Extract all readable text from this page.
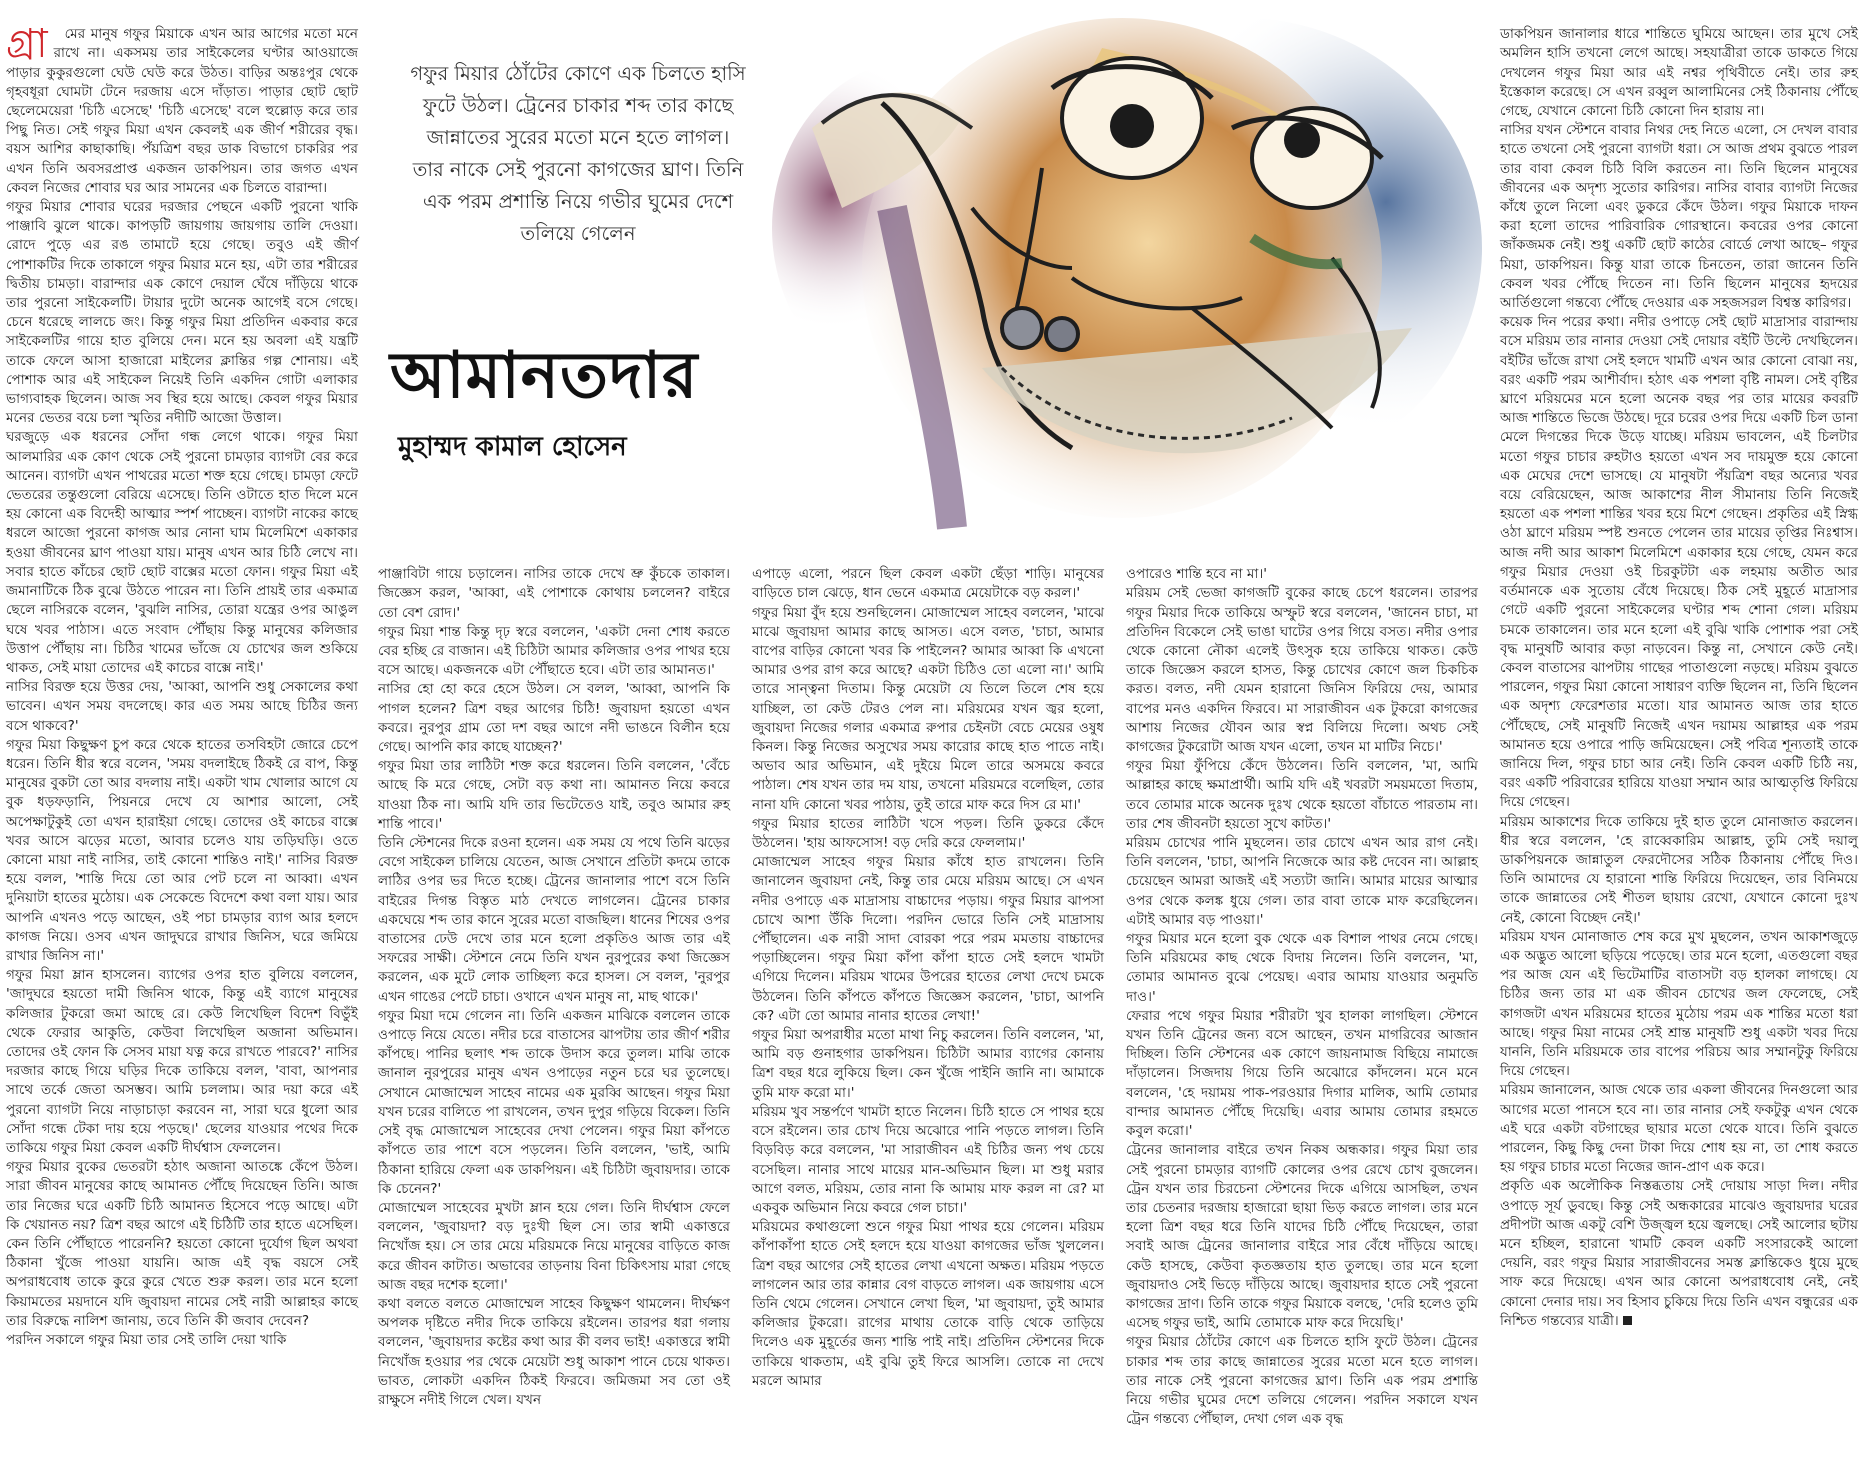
গ্রা মের মানুষ গফুর মিয়াকে এখন আর আগের মতো মনে রাখে না। একসময় তার সাইকেলের ঘণ্টার আওয়াজে পাড়ার কুকুরগুলো ঘেউ ঘেউ করে উঠত। বাড়ির অন্তঃপুর থেকে গৃহবধূরা ঘোমটা টেনে দরজায় এসে দাঁড়াত। পাড়ার ছোট ছোট ছেলেমেয়েরা 'চিঠি এসেছে' 'চিঠি এসেছে' বলে হুল্লোড় করে তার পিছু নিত। সেই গফুর মিয়া এখন কেবলই এক জীর্ণ শরীরের বৃদ্ধ। বয়স আশির কাছাকাছি। পঁয়ত্রিশ বছর ডাক বিভাগে চাকরির পর এখন তিনি অবসরপ্রাপ্ত একজন ডাকপিয়ন। তার জগত এখন কেবল নিজের শোবার ঘর আর সামনের এক চিলতে বারান্দা।

গফুর মিয়ার শোবার ঘরের দরজার পেছনে একটি পুরনো খাকি পাঞ্জাবি ঝুলে থাকে। কাপড়টি জায়গায় জায়গায় তালি দেওয়া। রোদে পুড়ে এর রঙ তামাটে হয়ে গেছে। তবুও এই জীর্ণ পোশাকটির দিকে তাকালে গফুর মিয়ার মনে হয়, এটা তার শরীরের দ্বিতীয় চামড়া। বারান্দার এক কোণে দেয়াল ঘেঁষে দাঁড়িয়ে থাকে তার পুরনো সাইকেলটি। টায়ার দুটো অনেক আগেই বসে গেছে। চেনে ধরেছে লালচে জং। কিন্তু গফুর মিয়া প্রতিদিন একবার করে সাইকেলটির গায়ে হাত বুলিয়ে দেন। মনে হয় অবলা এই যন্ত্রটি তাকে ফেলে আসা হাজারো মাইলের ক্লান্তির গল্প শোনায়। এই পোশাক আর এই সাইকেল নিয়েই তিনি একদিন গোটা এলাকার ভাগ্যবাহক ছিলেন। আজ সব স্থির হয়ে আছে। কেবল গফুর মিয়ার মনের ভেতর বয়ে চলা স্মৃতির নদীটি আজো উত্তাল।
ঘরজুড়ে এক ধরনের সোঁদা গন্ধ লেগে থাকে। গফুর মিয়া আলমারির এক কোণ থেকে সেই পুরনো চামড়ার ব্যাগটা বের করে আনেন। ব্যাগটা এখন পাথরের মতো শক্ত হয়ে গেছে। চামড়া ফেটে ভেতরের তন্তুগুলো বেরিয়ে এসেছে। তিনি ওটাতে হাত দিলে মনে হয় কোনো এক বিদেহী আত্মার স্পর্শ পাচ্ছেন। ব্যাগটা নাকের কাছে ধরলে আজো পুরনো কাগজ আর নোনা ঘাম মিলেমিশে একাকার হওয়া জীবনের ঘ্রাণ পাওয়া যায়। মানুষ এখন আর চিঠি লেখে না। সবার হাতে কাঁচের ছোট ছোট বাক্সের মতো ফোন। গফুর মিয়া এই জমানাটিকে ঠিক বুঝে উঠতে পারেন না। তিনি প্রায়ই তার একমাত্র ছেলে নাসিরকে বলেন, 'বুঝলি নাসির, তোরা যন্ত্রের ওপর আঙুল ঘষে খবর পাঠাস। এতে সংবাদ পৌঁছায় কিন্তু মানুষের কলিজার উত্তাপ পৌঁছায় না। চিঠির খামের ভাঁজে যে চোখের জল শুকিয়ে থাকত, সেই মায়া তোদের এই কাচের বাক্সে নাই।'
নাসির বিরক্ত হয়ে উত্তর দেয়, 'আব্বা, আপনি শুধু সেকালের কথা ভাবেন। এখন সময় বদলেছে। কার এত সময় আছে চিঠির জন্য বসে থাকবে?'
গফুর মিয়া কিছুক্ষণ চুপ করে থেকে হাতের তসবিহটা জোরে চেপে ধরেন। তিনি ধীর স্বরে বলেন, 'সময় বদলাইছে ঠিকই রে বাপ, কিন্তু মানুষের বুকটা তো আর বদলায় নাই। একটা খাম খোলার আগে যে বুক ধড়ফড়ানি, পিয়নরে দেখে যে আশার আলো, সেই অপেক্ষাটুকুই তো এখন হারাইয়া গেছে। তোদের ওই কাচের বাক্সে খবর আসে ঝড়ের মতো, আবার চলেও যায় তড়িঘড়ি। ওতে কোনো মায়া নাই নাসির, তাই কোনো শান্তিও নাই।' নাসির বিরক্ত হয়ে বলল, 'শান্তি দিয়ে তো আর পেট চলে না আব্বা। এখন দুনিয়াটা হাতের মুঠোয়। এক সেকেন্ডে বিদেশে কথা বলা যায়। আর আপনি এখনও পড়ে আছেন, ওই পচা চামড়ার ব্যাগ আর হলদে কাগজ নিয়ে। ওসব এখন জাদুঘরে রাখার জিনিস, ঘরে জমিয়ে রাখার জিনিস না।'
গফুর মিয়া ম্লান হাসলেন। ব্যাগের ওপর হাত বুলিয়ে বললেন, 'জাদুঘরে হয়তো দামী জিনিস থাকে, কিন্তু এই ব্যাগে মানুষের কলিজার টুকরো জমা আছে রে। কেউ লিখেছিল বিদেশ বিভুঁই থেকে ফেরার আকুতি, কেউবা লিখেছিল অজানা অভিমান। তোদের ওই ফোন কি সেসব মায়া যত্ন করে রাখতে পারবে?' নাসির দরজার কাছে গিয়ে ঘড়ির দিকে তাকিয়ে বলল, 'বাবা, আপনার সাথে তর্কে জেতা অসম্ভব। আমি চললাম। আর দয়া করে এই পুরনো ব্যাগটা নিয়ে নাড়াচাড়া করবেন না, সারা ঘরে ধুলো আর সোঁদা গন্ধে টেকা দায় হয়ে পড়ছে।' ছেলের যাওয়ার পথের দিকে তাকিয়ে গফুর মিয়া কেবল একটি দীর্ঘশ্বাস ফেললেন।
গফুর মিয়ার বুকের ভেতরটা হঠাৎ অজানা আতঙ্কে কেঁপে উঠল। সারা জীবন মানুষের কাছে আমানত পৌঁছে দিয়েছেন তিনি। আজ তার নিজের ঘরে একটি চিঠি আমানত হিসেবে পড়ে আছে। এটা কি খেয়ানত নয়? ত্রিশ বছর আগে এই চিঠিটি তার হাতে এসেছিল। কেন তিনি পৌঁছাতে পারেননি? হয়তো কোনো দুর্যোগ ছিল অথবা ঠিকানা খুঁজে পাওয়া যায়নি। আজ এই বৃদ্ধ বয়সে সেই অপরাধবোধ তাকে কুরে কুরে খেতে শুরু করল। তার মনে হলো কিয়ামতের ময়দানে যদি জুবায়দা নামের সেই নারী আল্লাহর কাছে তার বিরুদ্ধে নালিশ জানায়, তবে তিনি কী জবাব দেবেন?
পরদিন সকালে গফুর মিয়া তার সেই তালি দেয়া খাকি

গফুর মিয়ার ঠোঁটের কোণে এক চিলতে হাসি ফুটে উঠল। ট্রেনের চাকার শব্দ তার কাছে জান্নাতের সুরের মতো মনে হতে লাগল। তার নাকে সেই পুরনো কাগজের ঘ্রাণ। তিনি এক পরম প্রশান্তি নিয়ে গভীর ঘুমের দেশে তলিয়ে গেলেন
আমানতদার
মুহাম্মদ কামাল হোসেন

পাঞ্জাবিটা গায়ে চড়ালেন। নাসির তাকে দেখে ভ্রু কুঁচকে তাকাল। জিজ্ঞেস করল, 'আব্বা, এই পোশাকে কোথায় চললেন? বাইরে তো বেশ রোদ।'
গফুর মিয়া শান্ত কিন্তু দৃঢ় স্বরে বললেন, 'একটা দেনা শোধ করতে বের হচ্ছি রে বাজান। এই চিঠিটা আমার কলিজার ওপর পাথর হয়ে বসে আছে। একজনকে এটা পৌঁছাতে হবে। এটা তার আমানত।'
নাসির হো হো করে হেসে উঠল। সে বলল, 'আব্বা, আপনি কি পাগল হলেন? ত্রিশ বছর আগের চিঠি! জুবায়দা হয়তো এখন কবরে। নুরপুর গ্রাম তো দশ বছর আগে নদী ভাঙনে বিলীন হয়ে গেছে। আপনি কার কাছে যাচ্ছেন?'
গফুর মিয়া তার লাঠিটা শক্ত করে ধরলেন। তিনি বললেন, 'বেঁচে আছে কি মরে গেছে, সেটা বড় কথা না। আমানত নিয়ে কবরে যাওয়া ঠিক না। আমি যদি তার ভিটেতেও যাই, তবুও আমার রুহ শান্তি পাবে।'
তিনি স্টেশনের দিকে রওনা হলেন। এক সময় যে পথে তিনি ঝড়ের বেগে সাইকেল চালিয়ে যেতেন, আজ সেখানে প্রতিটা কদমে তাকে লাঠির ওপর ভর দিতে হচ্ছে। ট্রেনের জানালার পাশে বসে তিনি বাইরের দিগন্ত বিস্তৃত মাঠ দেখতে লাগলেন। ট্রেনের চাকার একঘেয়ে শব্দ তার কানে সুরের মতো বাজছিল। ধানের শিষের ওপর বাতাসের ঢেউ দেখে তার মনে হলো প্রকৃতিও আজ তার এই সফরের সাক্ষী। স্টেশনে নেমে তিনি যখন নুরপুরের কথা জিজ্ঞেস করলেন, এক মুটে লোক তাচ্ছিল্য করে হাসল। সে বলল, 'নুরপুর এখন গাঙের পেটে চাচা। ওখানে এখন মানুষ না, মাছ থাকে।'
গফুর মিয়া দমে গেলেন না। তিনি একজন মাঝিকে বললেন তাকে ওপাড়ে নিয়ে যেতে। নদীর চরে বাতাসের ঝাপটায় তার জীর্ণ শরীর কাঁপছে। পানির ছলাৎ শব্দ তাকে উদাস করে তুলল। মাঝি তাকে জানাল নুরপুরের মানুষ এখন ওপাড়ের নতুন চরে ঘর তুলেছে। সেখানে মোজাম্মেল সাহেব নামের এক মুরব্বি আছেন। গফুর মিয়া যখন চরের বালিতে পা রাখলেন, তখন দুপুর গড়িয়ে বিকেল। তিনি সেই বৃদ্ধ মোজাম্মেল সাহেবের দেখা পেলেন। গফুর মিয়া কাঁপতে কাঁপতে তার পাশে বসে পড়লেন। তিনি বললেন, 'ভাই, আমি ঠিকানা হারিয়ে ফেলা এক ডাকপিয়ন। এই চিঠিটা জুবায়দার। তাকে কি চেনেন?'
মোজাম্মেল সাহেবের মুখটা ম্লান হয়ে গেল। তিনি দীর্ঘশ্বাস ফেলে বললেন, 'জুবায়দা? বড় দুঃখী ছিল সে। তার স্বামী একাত্তরে নিখোঁজ হয়। সে তার মেয়ে মরিয়মকে নিয়ে মানুষের বাড়িতে কাজ করে জীবন কাটাত। অভাবের তাড়নায় বিনা চিকিৎসায় মারা গেছে আজ বছর দশেক হলো।'
কথা বলতে বলতে মোজাম্মেল সাহেব কিছুক্ষণ থামলেন। দীর্ঘক্ষণ অপলক দৃষ্টিতে নদীর দিকে তাকিয়ে রইলেন। তারপর ধরা গলায় বললেন, 'জুবায়দার কষ্টের কথা আর কী বলব ভাই! একাত্তরে স্বামী নিখোঁজ হওয়ার পর থেকে মেয়েটা শুধু আকাশ পানে চেয়ে থাকত। ভাবত, লোকটা একদিন ঠিকই ফিরবে। জমিজমা সব তো ওই রাক্ষুসে নদীই গিলে খেল। যখন

এপাড়ে এলো, পরনে ছিল কেবল একটা ছেঁড়া শাড়ি। মানুষের বাড়িতে চাল ঝেড়ে, ধান ভেনে একমাত্র মেয়েটাকে বড় করল।'
গফুর মিয়া বুঁদ হয়ে শুনছিলেন। মোজাম্মেল সাহেব বললেন, 'মাঝে মাঝে জুবায়দা আমার কাছে আসত। এসে বলত, 'চাচা, আমার বাপের বাড়ির কোনো খবর কি পাইলেন? আমার আব্বা কি এখনো আমার ওপর রাগ করে আছে? একটা চিঠিও তো এলো না।' আমি তারে সান্ত্বনা দিতাম। কিন্তু মেয়েটা যে তিলে তিলে শেষ হয়ে যাচ্ছিল, তা কেউ টেরও পেল না। মরিয়মের যখন জ্বর হলো, জুবায়দা নিজের গলার একমাত্র রুপার চেইনটা বেচে মেয়ের ওষুধ কিনল। কিন্তু নিজের অসুখের সময় কারোর কাছে হাত পাতে নাই। অভাব আর অভিমান, এই দুইয়ে মিলে তারে অসময়ে কবরে পাঠাল। শেষ যখন তার দম যায়, তখনো মরিয়মরে বলেছিল, তোর নানা যদি কোনো খবর পাঠায়, তুই তারে মাফ করে দিস রে মা।'
গফুর মিয়ার হাতের লাঠিটা খসে পড়ল। তিনি ডুকরে কেঁদে উঠলেন। 'হায় আফসোস! বড় দেরি করে ফেললাম।'
মোজাম্মেল সাহেব গফুর মিয়ার কাঁধে হাত রাখলেন। তিনি জানালেন জুবায়দা নেই, কিন্তু তার মেয়ে মরিয়ম আছে। সে এখন নদীর ওপাড়ে এক মাদ্রাসায় বাচ্চাদের পড়ায়। গফুর মিয়ার ঝাপসা চোখে আশা উঁকি দিলো। পরদিন ভোরে তিনি সেই মাদ্রাসায় পৌঁছালেন। এক নারী সাদা বোরকা পরে পরম মমতায় বাচ্চাদের পড়াচ্ছিলেন। গফুর মিয়া কাঁপা কাঁপা হাতে সেই হলদে খামটা এগিয়ে দিলেন। মরিয়ম খামের উপরের হাতের লেখা দেখে চমকে উঠলেন। তিনি কাঁপতে কাঁপতে জিজ্ঞেস করলেন, 'চাচা, আপনি কে? এটা তো আমার নানার হাতের লেখা!'
গফুর মিয়া অপরাধীর মতো মাথা নিচু করলেন। তিনি বললেন, 'মা, আমি বড় গুনাহগার ডাকপিয়ন। চিঠিটা আমার ব্যাগের কোনায় ত্রিশ বছর ধরে লুকিয়ে ছিল। কেন খুঁজে পাইনি জানি না। আমাকে তুমি মাফ করো মা।'
মরিয়ম খুব সন্তর্পণে খামটা হাতে নিলেন। চিঠি হাতে সে পাথর হয়ে বসে রইলেন। তার চোখ দিয়ে অঝোরে পানি পড়তে লাগল। তিনি বিড়বিড় করে বললেন, 'মা সারাজীবন এই চিঠির জন্য পথ চেয়ে বসেছিল। নানার সাথে মায়ের মান-অভিমান ছিল। মা শুধু মরার আগে বলত, মরিয়ম, তোর নানা কি আমায় মাফ করল না রে? মা একবুক অভিমান নিয়ে কবরে গেল চাচা।'
মরিয়মের কথাগুলো শুনে গফুর মিয়া পাথর হয়ে গেলেন। মরিয়ম কাঁপাকাঁপা হাতে সেই হলদে হয়ে যাওয়া কাগজের ভাঁজ খুললেন। ত্রিশ বছর আগের সেই হাতের লেখা এখনো অক্ষত। মরিয়ম পড়তে লাগলেন আর তার কান্নার বেগ বাড়তে লাগল। এক জায়গায় এসে তিনি থেমে গেলেন। সেখানে লেখা ছিল, 'মা জুবায়দা, তুই আমার কলিজার টুকরো। রাগের মাথায় তোকে বাড়ি থেকে তাড়িয়ে দিলেও এক মুহূর্তের জন্য শান্তি পাই নাই। প্রতিদিন স্টেশনের দিকে তাকিয়ে থাকতাম, এই বুঝি তুই ফিরে আসলি। তোকে না দেখে মরলে আমার

ওপারেও শান্তি হবে না মা।'
মরিয়ম সেই ভেজা কাগজটি বুকের কাছে চেপে ধরলেন। তারপর গফুর মিয়ার দিকে তাকিয়ে অস্ফুট স্বরে বললেন, 'জানেন চাচা, মা প্রতিদিন বিকেলে সেই ভাঙা ঘাটের ওপর গিয়ে বসত। নদীর ওপার থেকে কোনো নৌকা এলেই উৎসুক হয়ে তাকিয়ে থাকত। কেউ তাকে জিজ্ঞেস করলে হাসত, কিন্তু চোখের কোণে জল চিকচিক করত। বলত, নদী যেমন হারানো জিনিস ফিরিয়ে দেয়, আমার বাপের মনও একদিন ফিরবে। মা সারাজীবন এক টুকরো কাগজের আশায় নিজের যৌবন আর স্বপ্ন বিলিয়ে দিলো। অথচ সেই কাগজের টুকরোটা আজ যখন এলো, তখন মা মাটির নিচে।'
গফুর মিয়া ফুঁপিয়ে কেঁদে উঠলেন। তিনি বললেন, 'মা, আমি আল্লাহর কাছে ক্ষমাপ্রার্থী। আমি যদি এই খবরটা সময়মতো দিতাম, তবে তোমার মাকে অনেক দুঃখ থেকে হয়তো বাঁচাতে পারতাম না। তার শেষ জীবনটা হয়তো সুখে কাটত।'
মরিয়ম চোখের পানি মুছলেন। তার চোখে এখন আর রাগ নেই। তিনি বললেন, 'চাচা, আপনি নিজেকে আর কষ্ট দেবেন না। আল্লাহ চেয়েছেন আমরা আজই এই সত্যটা জানি। আমার মায়ের আত্মার ওপর থেকে কলঙ্ক ধুয়ে গেল। তার বাবা তাকে মাফ করেছিলেন। এটাই আমার বড় পাওয়া।'
গফুর মিয়ার মনে হলো বুক থেকে এক বিশাল পাথর নেমে গেছে। তিনি মরিয়মের কাছ থেকে বিদায় নিলেন। তিনি বললেন, 'মা, তোমার আমানত বুঝে পেয়েছ। এবার আমায় যাওয়ার অনুমতি দাও।'
ফেরার পথে গফুর মিয়ার শরীরটা খুব হালকা লাগছিল। স্টেশনে যখন তিনি ট্রেনের জন্য বসে আছেন, তখন মাগরিবের আজান দিচ্ছিল। তিনি স্টেশনের এক কোণে জায়নামাজ বিছিয়ে নামাজে দাঁড়ালেন। সিজদায় গিয়ে তিনি অঝোরে কাঁদলেন। মনে মনে বললেন, 'হে দয়াময় পাক-পরওয়ার দিগার মালিক, আমি তোমার বান্দার আমানত পৌঁছে দিয়েছি। এবার আমায় তোমার রহমতে কবুল করো।'
ট্রেনের জানালার বাইরে তখন নিকষ অন্ধকার। গফুর মিয়া তার সেই পুরনো চামড়ার ব্যাগটি কোলের ওপর রেখে চোখ বুজলেন। ট্রেন যখন তার চিরচেনা স্টেশনের দিকে এগিয়ে আসছিল, তখন তার চেতনার দরজায় হাজারো ছায়া ভিড় করতে লাগল। তার মনে হলো ত্রিশ বছর ধরে তিনি যাদের চিঠি পৌঁছে দিয়েছেন, তারা সবাই আজ ট্রেনের জানালার বাইরে সার বেঁধে দাঁড়িয়ে আছে। কেউ হাসছে, কেউবা কৃতজ্ঞতায় হাত তুলছে। তার মনে হলো জুবায়দাও সেই ভিড়ে দাঁড়িয়ে আছে। জুবায়দার হাতে সেই পুরনো কাগজের দ্রাণ। তিনি তাকে গফুর মিয়াকে বলছে, 'দেরি হলেও তুমি এসেছ গফুর ভাই, আমি তোমাকে মাফ করে দিয়েছি।'
গফুর মিয়ার ঠোঁটের কোণে এক চিলতে হাসি ফুটে উঠল। ট্রেনের চাকার শব্দ তার কাছে জান্নাতের সুরের মতো মনে হতে লাগল। তার নাকে সেই পুরনো কাগজের ঘ্রাণ। তিনি এক পরম প্রশান্তি নিয়ে গভীর ঘুমের দেশে তলিয়ে গেলেন। পরদিন সকালে যখন ট্রেন গন্তব্যে পৌঁছাল, দেখা গেল এক বৃদ্ধ

ডাকপিয়ন জানালার ধারে শান্তিতে ঘুমিয়ে আছেন। তার মুখে সেই অমলিন হাসি তখনো লেগে আছে। সহযাত্রীরা তাকে ডাকতে গিয়ে দেখলেন গফুর মিয়া আর এই নশ্বর পৃথিবীতে নেই। তার রুহ ইস্তেকাল করেছে। সে এখন রব্বুল আলামিনের সেই ঠিকানায় পৌঁছে গেছে, যেখানে কোনো চিঠি কোনো দিন হারায় না।
নাসির যখন স্টেশনে বাবার নিথর দেহ নিতে এলো, সে দেখল বাবার হাতে তখনো সেই পুরনো ব্যাগটা ধরা। সে আজ প্রথম বুঝতে পারল তার বাবা কেবল চিঠি বিলি করতেন না। তিনি ছিলেন মানুষের জীবনের এক অদৃশ্য সুতোর কারিগর। নাসির বাবার ব্যাগটা নিজের কাঁধে তুলে নিলো এবং ডুকরে কেঁদে উঠল। গফুর মিয়াকে দাফন করা হলো তাদের পারিবারিক গোরস্থানে। কবরের ওপর কোনো জাঁকজমক নেই। শুধু একটি ছোট কাঠের বোর্ডে লেখা আছে– গফুর মিয়া, ডাকপিয়ন। কিন্তু যারা তাকে চিনতেন, তারা জানেন তিনি কেবল খবর পৌঁছে দিতেন না। তিনি ছিলেন মানুষের হৃদয়ের আর্তিগুলো গন্তব্যে পৌঁছে দেওয়ার এক সহজসরল বিশ্বস্ত কারিগর।
কয়েক দিন পরের কথা। নদীর ওপাড়ে সেই ছোট মাদ্রাসার বারান্দায় বসে মরিয়ম তার নানার দেওয়া সেই দোয়ার বইটি উল্টে দেখছিলেন। বইটির ভাঁজে রাখা সেই হলদে খামটি এখন আর কোনো বোঝা নয়, বরং একটি পরম আশীর্বাদ। হঠাৎ এক পশলা বৃষ্টি নামল। সেই বৃষ্টির ঘ্রাণে মরিয়মের মনে হলো অনেক বছর পর তার মায়ের কবরটি আজ শান্তিতে ভিজে উঠছে। দূরে চরের ওপর দিয়ে একটি চিল ডানা মেলে দিগন্তের দিকে উড়ে যাচ্ছে। মরিয়ম ভাবলেন, এই চিলটার মতো গফুর চাচার রুহটাও হয়তো এখন সব দায়মুক্ত হয়ে কোনো এক মেঘের দেশে ভাসছে। যে মানুষটা পঁয়ত্রিশ বছর অন্যের খবর বয়ে বেরিয়েছেন, আজ আকাশের নীল সীমানায় তিনি নিজেই হয়তো এক পশলা শান্তির খবর হয়ে মিশে গেছেন। প্রকৃতির এই স্নিগ্ধ ওঠা ঘ্রাণে মরিয়ম স্পষ্ট শুনতে পেলেন তার মায়ের তৃপ্তির নিঃশ্বাস। আজ নদী আর আকাশ মিলেমিশে একাকার হয়ে গেছে, যেমন করে গফুর মিয়ার দেওয়া ওই চিরকুটটা এক লহমায় অতীত আর বর্তমানকে এক সুতোয় বেঁধে দিয়েছে। ঠিক সেই মুহূর্তে মাদ্রাসার গেটে একটি পুরনো সাইকেলের ঘণ্টার শব্দ শোনা গেল। মরিয়ম চমকে তাকালেন। তার মনে হলো এই বুঝি খাকি পোশাক পরা সেই বৃদ্ধ মানুষটি আবার কড়া নাড়বেন। কিন্তু না, সেখানে কেউ নেই। কেবল বাতাসের ঝাপটায় গাছের পাতাগুলো নড়ছে। মরিয়ম বুঝতে পারলেন, গফুর মিয়া কোনো সাধারণ ব্যক্তি ছিলেন না, তিনি ছিলেন এক অদৃশ্য ফেরেশতার মতো। যার আমানত আজ তার হাতে পৌঁছেছে, সেই মানুষটি নিজেই এখন দয়াময় আল্লাহর এক পরম আমানত হয়ে ওপারে পাড়ি জমিয়েছেন। সেই পবিত্র শূন্যতাই তাকে জানিয়ে দিল, গফুর চাচা আর নেই। তিনি কেবল একটি চিঠি নয়, বরং একটি পরিবারের হারিয়ে যাওয়া সম্মান আর আত্মতৃপ্তি ফিরিয়ে দিয়ে গেছেন।
মরিয়ম আকাশের দিকে তাকিয়ে দুই হাত তুলে মোনাজাত করলেন। ধীর স্বরে বললেন, 'হে রাব্বেকারিম আল্লাহ, তুমি সেই দয়ালু ডাকপিয়নকে জান্নাতুল ফেরদৌসের সঠিক ঠিকানায় পৌঁছে দিও। তিনি আমাদের যে হারানো শান্তি ফিরিয়ে দিয়েছেন, তার বিনিময়ে তাকে জান্নাতের সেই শীতল ছায়ায় রেখো, যেখানে কোনো দুঃখ নেই, কোনো বিচ্ছেদ নেই।'
মরিয়ম যখন মোনাজাত শেষ করে মুখ মুছলেন, তখন আকাশজুড়ে এক অদ্ভুত আলো ছড়িয়ে পড়েছে। তার মনে হলো, এতগুলো বছর পর আজ যেন এই ভিটেমাটির বাতাসটা বড় হালকা লাগছে। যে চিঠির জন্য তার মা এক জীবন চোখের জল ফেলেছে, সেই কাগজটা এখন মরিয়মের হাতের মুঠোয় পরম এক শান্তির মতো ধরা আছে। গফুর মিয়া নামের সেই শ্রান্ত মানুষটি শুধু একটা খবর দিয়ে যাননি, তিনি মরিয়মকে তার বাপের পরিচয় আর সম্মানটুকু ফিরিয়ে দিয়ে গেছেন।
মরিয়ম জানালেন, আজ থেকে তার একলা জীবনের দিনগুলো আর আগের মতো পানসে হবে না। তার নানার সেই ফকটুকু এখন থেকে এই ঘরে একটা বটগাছের ছায়ার মতো থেকে যাবে। তিনি বুঝতে পারলেন, কিছু কিছু দেনা টাকা দিয়ে শোধ হয় না, তা শোধ করতে হয় গফুর চাচার মতো নিজের জান-প্রাণ এক করে।
প্রকৃতি এক অলৌকিক নিস্তব্ধতায় সেই দোয়ায় সাড়া দিল। নদীর ওপাড়ে সূর্য ডুবছে। কিন্তু সেই অন্ধকারের মাঝেও জুবায়দার ঘরের প্রদীপটা আজ একটু বেশি উজ্জ্বল হয়ে জ্বলছে। সেই আলোর ছটায় মনে হচ্ছিল, হারানো খামটি কেবল একটি সংসারকেই আলো দেয়নি, বরং গফুর মিয়ার সারাজীবনের সমস্ত ক্লান্তিকেও ধুয়ে মুছে সাফ করে দিয়েছে। এখন আর কোনো অপরাধবোধ নেই, নেই কোনো দেনার দায়। সব হিসাব চুকিয়ে দিয়ে তিনি এখন বন্ধুরের এক নিশ্চিত গন্তব্যের যাত্রী।
